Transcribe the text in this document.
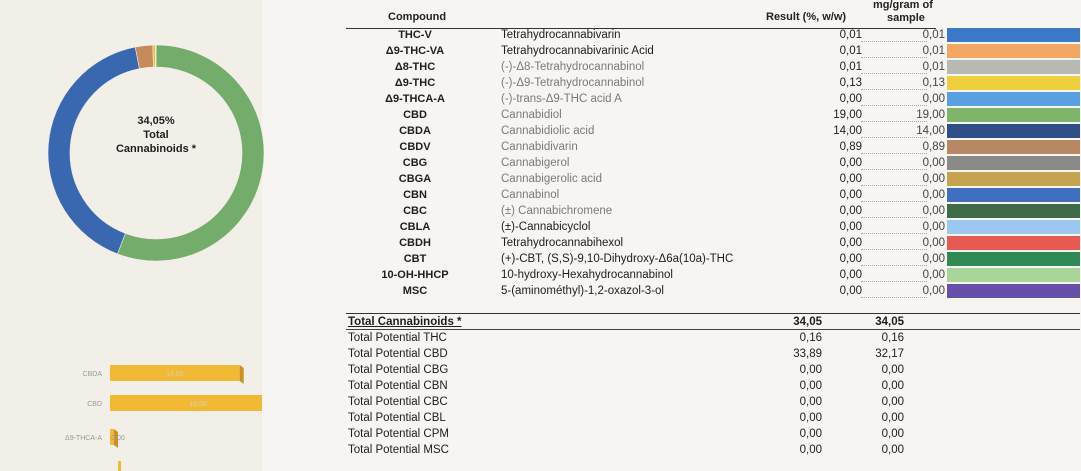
34,05%
Total
Cannabinoids *
CBDA	14,00
CBD	19,00
Δ9-THCA-A 0,00
Compound	Result (%, w/w)
mg/gram of
sample
THC-V	Tetrahydrocannabivarin	0,01	0,01
Δ9-THC-VA	Tetrahydrocannabivarinic Acid	0,01	0,01
Δ8-THC	(-)-Δ8-Tetrahydrocannabinol	0,01	0,01
Δ9-THC	(-)-Δ9-Tetrahydrocannabinol	0,13	0,13
Δ9-THCA-A	(-)-trans-Δ9-THC acid A	0,00	0,00
CBD	Cannabidiol	19,00	19,00
CBDA	Cannabidiolic acid	14,00	14,00
CBDV	Cannabidivarin	0,89	0,89
CBG	Cannabigerol	0,00	0,00
CBGA	Cannabigerolic acid	0,00	0,00
CBN	Cannabinol	0,00	0,00
CBC	(±) Cannabichromene	0,00	0,00
CBLA	(±)-Cannabicyclol	0,00	0,00
CBDH	Tetrahydrocannabihexol	0,00	0,00
CBT	(+)-CBT, (S,S)-9,10-Dihydroxy-Δ6a(10a)-THC	0,00	0,00
10-OH-HHCP	10-hydroxy-Hexahydrocannabinol	0,00	0,00
MSC	5-(aminométhyl)-1,2-oxazol-3-ol	0,00	0,00
Total Cannabinoids *	34,05	34,05
Total Potential THC	0,16	0,16
Total Potential CBD	33,89	32,17
Total Potential CBG	0,00	0,00
Total Potential CBN	0,00	0,00
Total Potential CBC	0,00	0,00
Total Potential CBL	0,00	0,00
Total Potential CPM	0,00	0,00
Total Potential MSC	0,00	0,00
